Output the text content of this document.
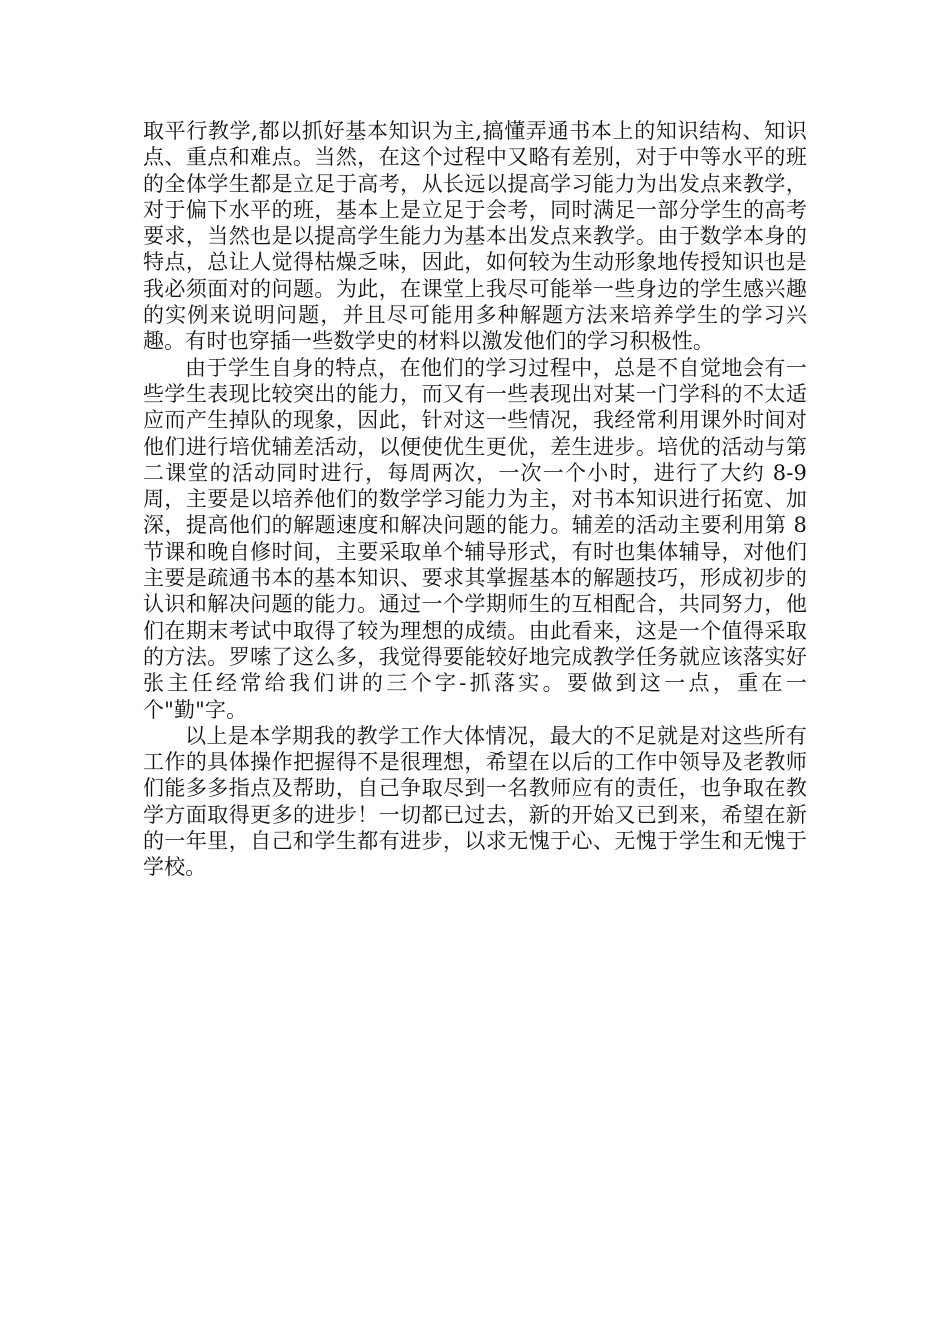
取平行教学,都以抓好基本知识为主,搞懂弄通书本上的知识结构、知识点、重点和难点。当然，在这个过程中又略有差别，对于中等水平的班的全体学生都是立足于高考，从长远以提高学习能力为出发点来教学，对于偏下水平的班，基本上是立足于会考，同时满足一部分学生的高考要求，当然也是以提高学生能力为基本出发点来教学。由于数学本身的特点，总让人觉得枯燥乏味，因此，如何较为生动形象地传授知识也是我必须面对的问题。为此，在课堂上我尽可能举一些身边的学生感兴趣的实例来说明问题，并且尽可能用多种解题方法来培养学生的学习兴趣。有时也穿插一些数学史的材料以激发他们的学习积极性。

由于学生自身的特点，在他们的学习过程中，总是不自觉地会有一些学生表现比较突出的能力，而又有一些表现出对某一门学科的不太适应而产生掉队的现象，因此，针对这一些情况，我经常利用课外时间对他们进行培优辅差活动，以便使优生更优，差生进步。培优的活动与第二课堂的活动同时进行，每周两次，一次一个小时，进行了大约 8-9 周，主要是以培养他们的数学学习能力为主，对书本知识进行拓宽、加深，提高他们的解题速度和解决问题的能力。辅差的活动主要利用第 8 节课和晚自修时间，主要采取单个辅导形式，有时也集体辅导，对他们主要是疏通书本的基本知识、要求其掌握基本的解题技巧，形成初步的认识和解决问题的能力。通过一个学期师生的互相配合，共同努力，他们在期末考试中取得了较为理想的成绩。由此看来，这是一个值得采取的方法。罗嗦了这么多，我觉得要能较好地完成教学任务就应该落实好张主任经常给我们讲的三个字-抓落实。要做到这一点，重在一个"勤"字。

以上是本学期我的教学工作大体情况，最大的不足就是对这些所有工作的具体操作把握得不是很理想，希望在以后的工作中领导及老教师们能多多指点及帮助，自己争取尽到一名教师应有的责任，也争取在教学方面取得更多的进步！一切都已过去，新的开始又已到来，希望在新的一年里，自己和学生都有进步，以求无愧于心、无愧于学生和无愧于学校。
